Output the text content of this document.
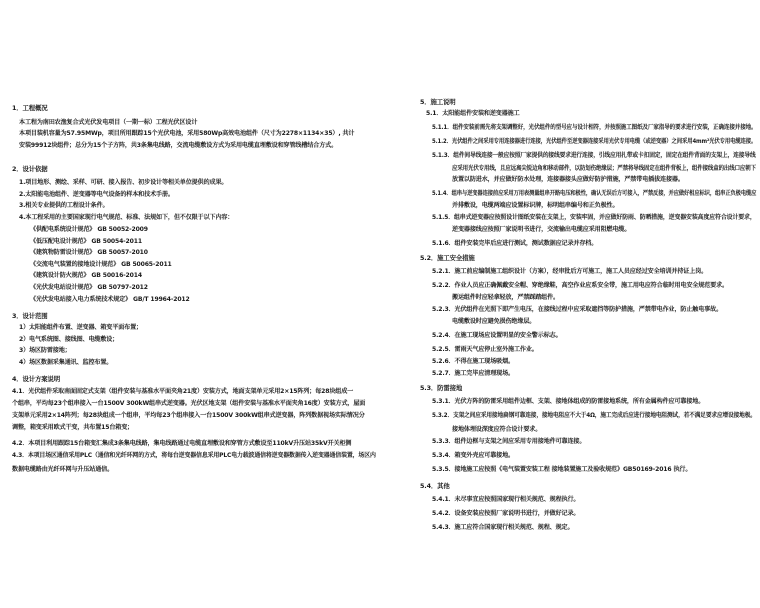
1．工程概况
本工程为南田农渔复合式光伏发电项目（一期一标）工程光伏区设计
本项目装机容量为57.95MWp，项目所用跟踪15个光伏电池，采用580Wp高效电池组件（尺寸为2278×1134×35）, 共计
安装99912块组件；总分为15个子方阵，共3条集电线路，交流电缆敷设方式为采用电缆直埋敷设和穿管线槽结合方式。
2．设计依据
1.项目地形、测绘、采样、可研、接入报告、初步设计等相关单位提供的成果。
2.太阳能电池组件、逆变器等电气设备的样本和技术手册。
3.相关专业提供的工程设计条件。
4.本工程采用的主要国家现行电气规范、标准、法规如下，但不仅限于以下内容：
《供配电系统设计规范》 GB 50052-2009
《低压配电设计规范》 GB 50054-2011
《建筑物防雷设计规范》 GB 50057-2010
《交流电气装置的接地设计规范》 GB 50065-2011
《建筑设计防火规范》 GB 50016-2014
《光伏发电站设计规范》 GB 50797-2012
《光伏发电站接入电力系统技术规定》 GB/T 19964-2012
3．设计范围
1）太阳能组件布置、逆变器、箱变平面布置；
2）电气系统图、接线图、电缆敷设；
3）场区防雷接地；
4）场区数据采集通讯、监控布置。
4．设计方案说明
4.1．光伏组件采取南面固定式支架（组件安装与基准水平面夹角21度）安装方式，地面支架单元采用2×15阵列；每28块组成一
个组串，平均每23个组串接入一台1500V 300kW组串式逆变器。光伏区地支架（组件安装与基准水平面夹角16度）安装方式，屋面
支架单元采用2×14阵列；每28块组成一个组串，平均每23个组串接入一台1500V 300kW组串式逆变器，阵列数据视场实际情况分
调整，箱变采用欧式干变，共布置15台箱变；
4.2．本项目利用跟踪15台箱变汇集成3条集电线路，集电线路通过电缆直埋敷设和穿管方式敷设至110kV升压站35kV开关柜侧
4.3．本项目场区通信采用PLC（通信和光纤环网的方式，将每台逆变器信息采用PLC电力载波通信将逆变器数据传入逆变器通信装置，场区内
数据电缆路由光纤环网与升压站通信。
5．施工说明
5.1．太阳能组件安装和逆变器施工
5.1.1．组件安装前需先将支架调整好，光伏组件的型号应与设计相符，并按照施工图纸及厂家指导的要求进行安装，正确连接并接地。
5.1.2．光伏组件之间采用专用连接器进行连接，光伏组件至逆变器连接采用光伏专用电缆（或逆变器）之间采用4mm²光伏专用电缆连接。
5.1.3．组件间导线连接一般应按照厂家提供的接线要求进行连接，引线应用扎带或卡扣固定，固定在组件背面的支架上，连接导线
应采用光伏专用线，且应远离尖锐边角和移动部件，以防划伤绝缘层；严禁将导线固定在组件背板上，组件接线盒的出线口应朝下
放置以防进水，并应做好防水处理，连接器接头应做好防护措施，严禁带电插拔连接器。
5.1.4．组串与逆变器连接前应采用万用表测量组串开路电压和极性，确认无误后方可接入，严禁反接，并应做好相应标识，组串正负极电缆应
并排敷设，电缆两端应设置标识牌，标明组串编号和正负极性。
5.1.5．组串式逆变器应按照设计图纸安装在支架上，安装牢固，并应做好防雨、防晒措施，逆变器安装高度应符合设计要求，
逆变器接线应按照厂家说明书进行，交流输出电缆应采用阻燃电缆。
5.1.6．组件安装完毕后应进行测试，测试数据应记录并存档。
5.2．施工安全措施
5.2.1．施工前应编制施工组织设计（方案），经审批后方可施工，施工人员应经过安全培训并持证上岗。
5.2.2．作业人员应正确佩戴安全帽、穿绝缘鞋，高空作业应系安全带，施工用电应符合临时用电安全规范要求。
搬运组件时应轻拿轻放，严禁踩踏组件。
5.2.3．光伏组件在光照下即产生电压，在接线过程中应采取遮挡等防护措施，严禁带电作业，防止触电事故。
电缆敷设时应避免损伤绝缘层。
5.2.4．在施工现场应设置明显的安全警示标志。
5.2.5．雷雨天气应停止室外施工作业。
5.2.6．不得在施工现场吸烟。
5.2.7．施工完毕应清理现场。
5.3．防雷接地
5.3.1．光伏方阵的防雷采用组件边框、支架、接地体组成的防雷接地系统，所有金属构件应可靠接地。
5.3.2．支架之间应采用接地扁钢可靠连接，接地电阻应不大于4Ω，施工完成后应进行接地电阻测试，若不满足要求应增设接地极。
接地体埋设深度应符合设计要求。
5.3.3．组件边框与支架之间应采用专用接地件可靠连接。
5.3.4．箱变外壳应可靠接地。
5.3.5．接地施工应按照《电气装置安装工程 接地装置施工及验收规范》GB50169-2016 执行。
5.4．其他
5.4.1．未尽事宜应按照国家现行相关规范、规程执行。
5.4.2．设备安装应按照厂家说明书进行，并做好记录。
5.4.3．施工应符合国家现行相关规范、规程、规定。
